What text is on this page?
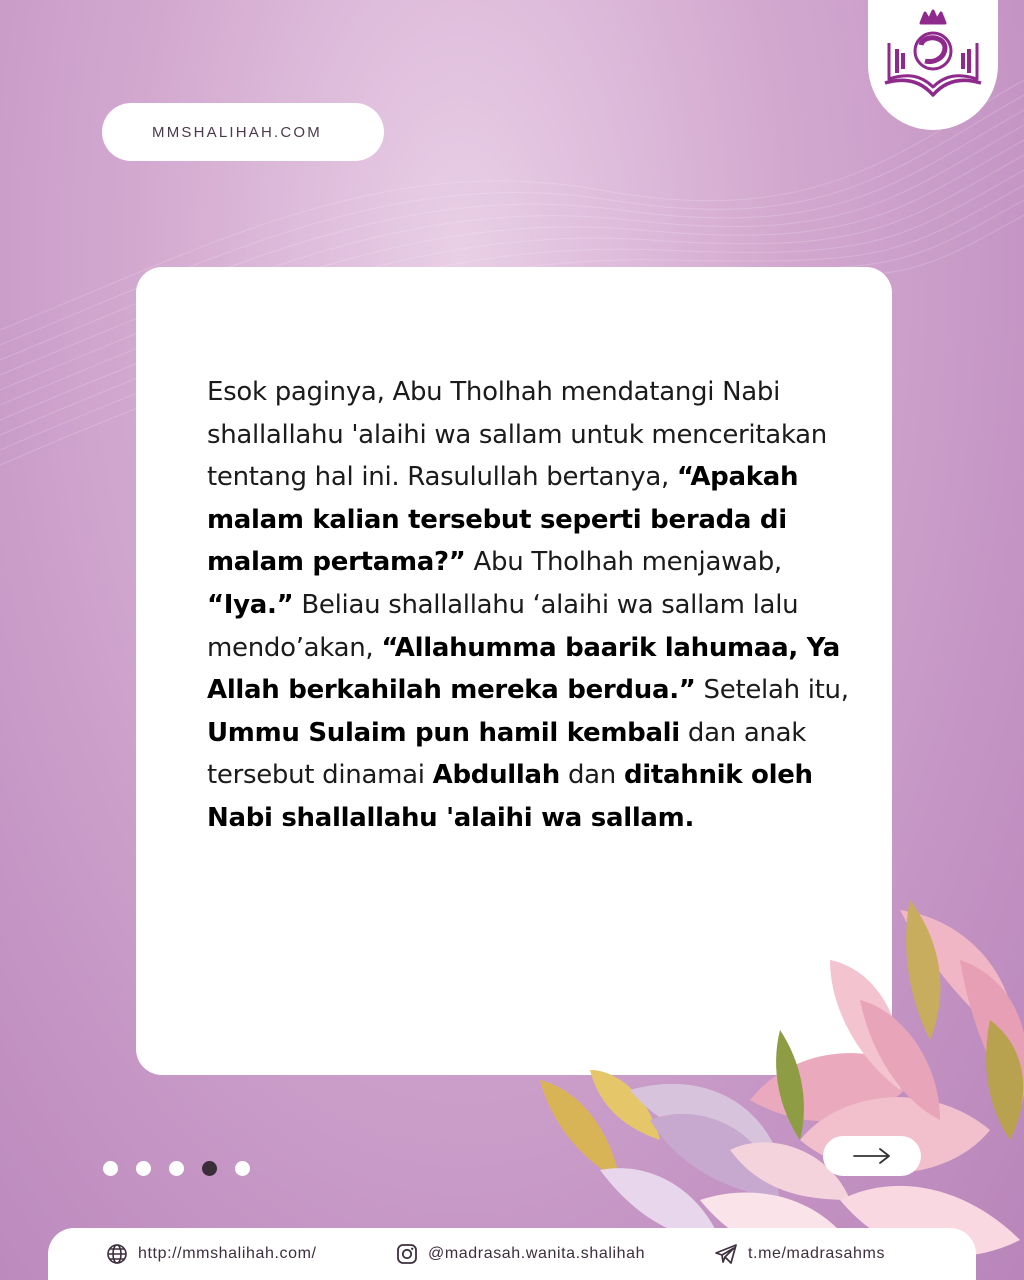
MMSHALIHAH.COM
Esok paginya, Abu Tholhah mendatangi Nabi shallallahu 'alaihi wa sallam untuk menceritakan tentang hal ini. Rasulullah bertanya, “Apakah malam kalian tersebut seperti berada di malam pertama?” Abu Tholhah menjawab, “Iya.” Beliau shallallahu ‘alaihi wa sallam lalu mendo’akan, “Allahumma baarik lahumaa, Ya Allah berkahilah mereka berdua.” Setelah itu, Ummu Sulaim pun hamil kembali dan anak tersebut dinamai Abdullah dan ditahnik oleh Nabi shallallahu 'alaihi wa sallam.
http://mmshalihah.com/	@madrasah.wanita.shalihah	t.me/madrasahms
